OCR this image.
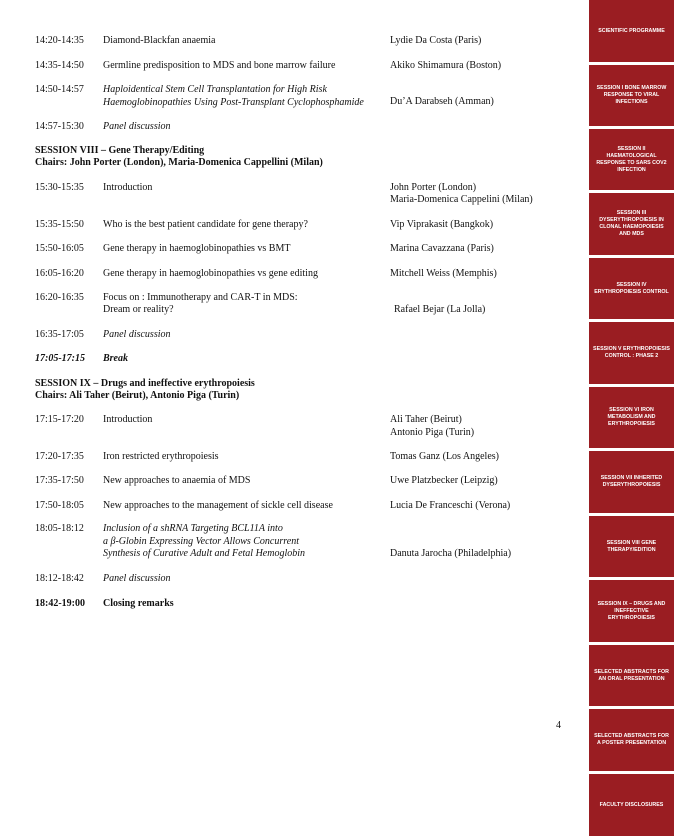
14:20-14:35 Diamond-Blackfan anaemia	Lydie Da Costa (Paris)
14:35-14:50 Germline predisposition to MDS and bone marrow failure	Akiko Shimamura (Boston)
14:50-14:57 Haploidentical Stem Cell Transplantation for High Risk Haemoglobinopathies Using Post-Transplant Cyclophosphamide	Du’A Darabseh (Amman)
14:57-15:30 Panel discussion
SESSION VIII – Gene Therapy/Editing
Chairs: John Porter (London), Maria-Domenica Cappellini (Milan)
15:30-15:35 Introduction	John Porter (London)
Maria-Domenica Cappelini (Milan)
15:35-15:50 Who is the best patient candidate for gene therapy?	Vip Viprakasit (Bangkok)
15:50-16:05 Gene therapy in haemoglobinopathies vs BMT	Marina Cavazzana (Paris)
16:05-16:20 Gene therapy in haemoglobinopathies vs gene editing	Mitchell Weiss (Memphis)
16:20-16:35 Focus on : Immunotherapy and CAR-T in MDS:
Dream or reality?	Rafael Bejar (La Jolla)
16:35-17:05 Panel discussion
17:05-17:15 Break
SESSION IX – Drugs and ineffective erythropoiesis
Chairs: Ali Taher (Beirut), Antonio Piga (Turin)
17:15-17:20 Introduction	Ali Taher (Beirut)
Antonio Piga (Turin)
17:20-17:35 Iron restricted erythropoiesis	Tomas Ganz (Los Angeles)
17:35-17:50 New approaches to anaemia of MDS	Uwe Platzbecker (Leipzig)
17:50-18:05 New approaches to the management of sickle cell disease	Lucia De Franceschi (Verona)
18:05-18:12 Inclusion of a shRNA Targeting BCL11A into
a β-Globin Expressing Vector Allows Concurrent
Synthesis of Curative Adult and Fetal Hemoglobin	Danuta Jarocha (Philadelphia)
18:12-18:42 Panel discussion
18:42-19:00 Closing remarks
4
SCIENTIFIC PROGRAMME
SESSION I BONE MARROW RESPONSE TO VIRAL INFECTIONS
SESSION II HAEMATOLOGICAL RESPONSE TO SARS COV2 INFECTION
SESSION III DYSERYTHROPOIESIS IN CLONAL HAEMOPOIESIS AND MDS
SESSION IV ERYTHROPOIESIS CONTROL
SESSION V ERYTHROPOIESIS CONTROL : PHASE 2
SESSION VI IRON METABOLISM AND ERYTHROPOIESIS
SESSION VII INHERITED DYSERYTHROPOIESIS
SESSION VIII GENE THERAPY/EDITION
SESSION IX – DRUGS AND INEFFECTIVE ERYTHROPOIESIS
SELECTED ABSTRACTS FOR AN ORAL PRESENTATION
SELECTED ABSTRACTS FOR A POSTER PRESENTATION
FACULTY DISCLOSURES
